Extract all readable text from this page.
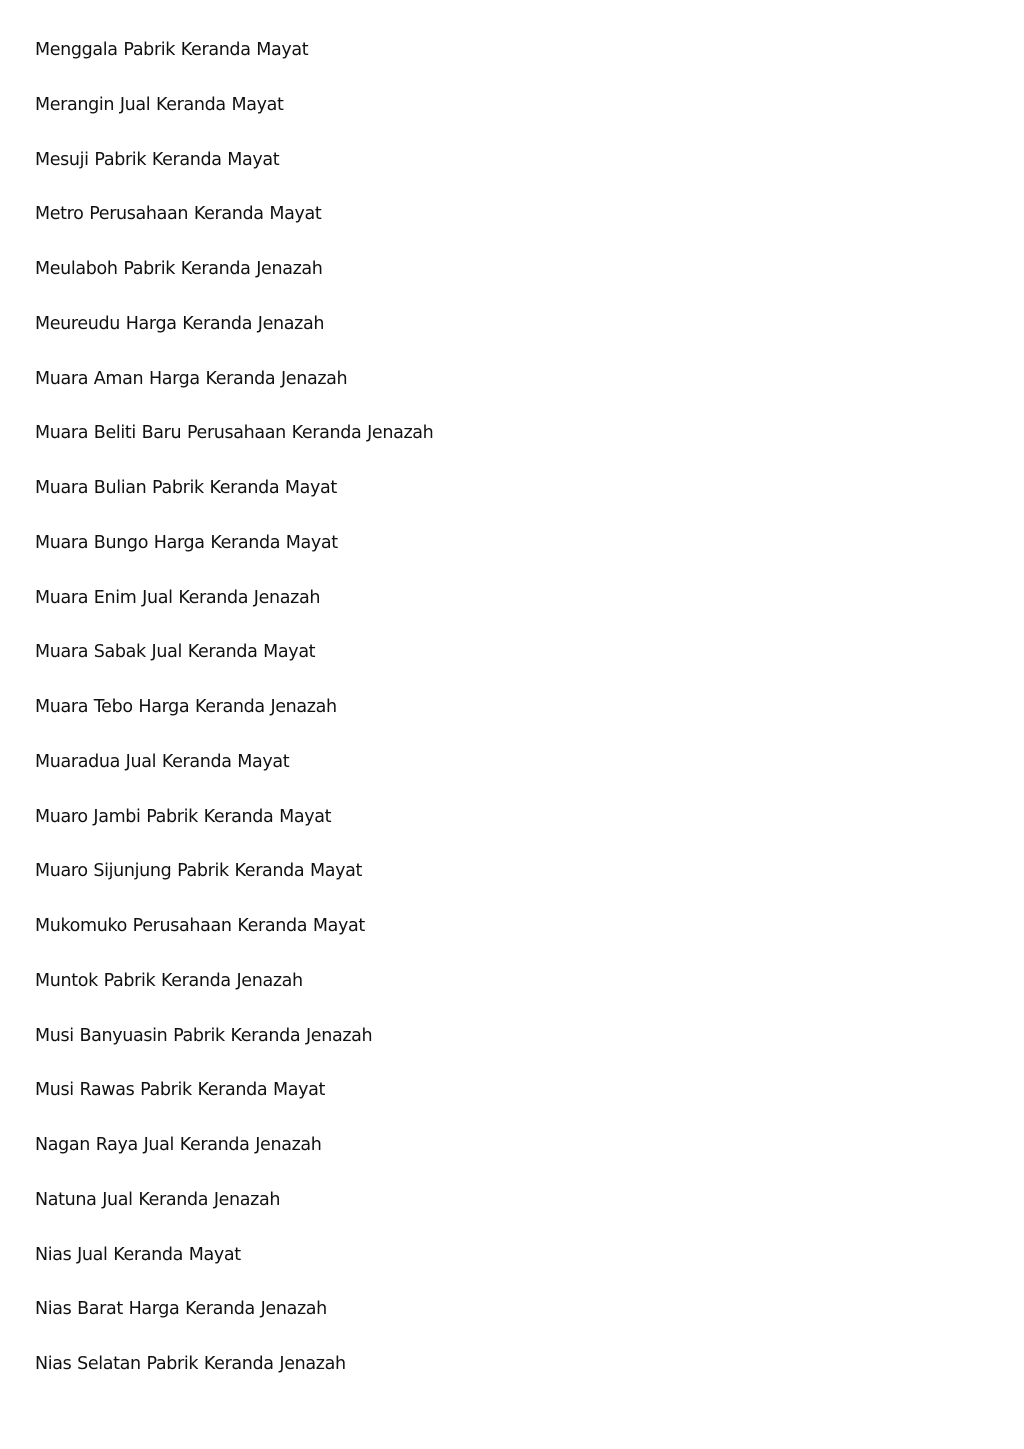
Menggala Pabrik Keranda Mayat
Merangin Jual Keranda Mayat
Mesuji Pabrik Keranda Mayat
Metro Perusahaan Keranda Mayat
Meulaboh Pabrik Keranda Jenazah
Meureudu Harga Keranda Jenazah
Muara Aman Harga Keranda Jenazah
Muara Beliti Baru Perusahaan Keranda Jenazah
Muara Bulian Pabrik Keranda Mayat
Muara Bungo Harga Keranda Mayat
Muara Enim Jual Keranda Jenazah
Muara Sabak Jual Keranda Mayat
Muara Tebo Harga Keranda Jenazah
Muaradua Jual Keranda Mayat
Muaro Jambi Pabrik Keranda Mayat
Muaro Sijunjung Pabrik Keranda Mayat
Mukomuko Perusahaan Keranda Mayat
Muntok Pabrik Keranda Jenazah
Musi Banyuasin Pabrik Keranda Jenazah
Musi Rawas Pabrik Keranda Mayat
Nagan Raya Jual Keranda Jenazah
Natuna Jual Keranda Jenazah
Nias Jual Keranda Mayat
Nias Barat Harga Keranda Jenazah
Nias Selatan Pabrik Keranda Jenazah
